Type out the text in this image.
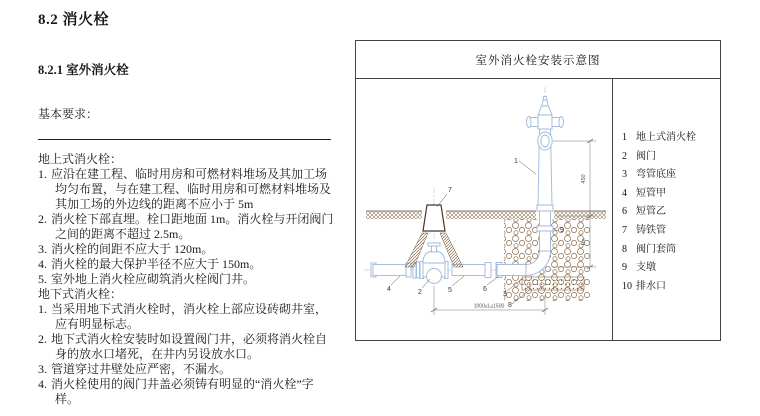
8.2 消火栓
8.2.1 室外消火栓
基本要求：
地上式消火栓：
1. 应沿在建工程、临时用房和可燃材料堆场及其加工场均匀布置，与在建工程、临时用房和可燃材料堆场及其加工场的外边线的距离不应小于 5m
2. 消火栓下部直埋。栓口距地面 1m。消火栓与开闭阀门之间的距离不超过 2.5m。
3. 消火栓的间距不应大于 120m。
4. 消火栓的最大保护半径不应大于 150m。
5. 室外地上消火栓应砌筑消火栓阀门井。
地下式消火栓：
1. 当采用地下式消火栓时，消火栓上部应设砖砌井室，应有明显标志。
2. 地下式消火栓安装时如设置阀门井，必须将消火栓自身的放水口堵死，在井内另设放水口。
3. 管道穿过井壁处应严密，不漏水。
4. 消火栓使用的阀门井盖必须铸有明显的“消火栓”字样。
室外消火栓安装示意图
1
7
9
4	2	5	6
3
8
450
Hn
1000≤L≤1500
1 地上式消火栓
2 阀门
3 弯管底座
4 短管甲
6 短管乙
7 铸铁管
8 阀门套筒
9 支墩
10 排水口
